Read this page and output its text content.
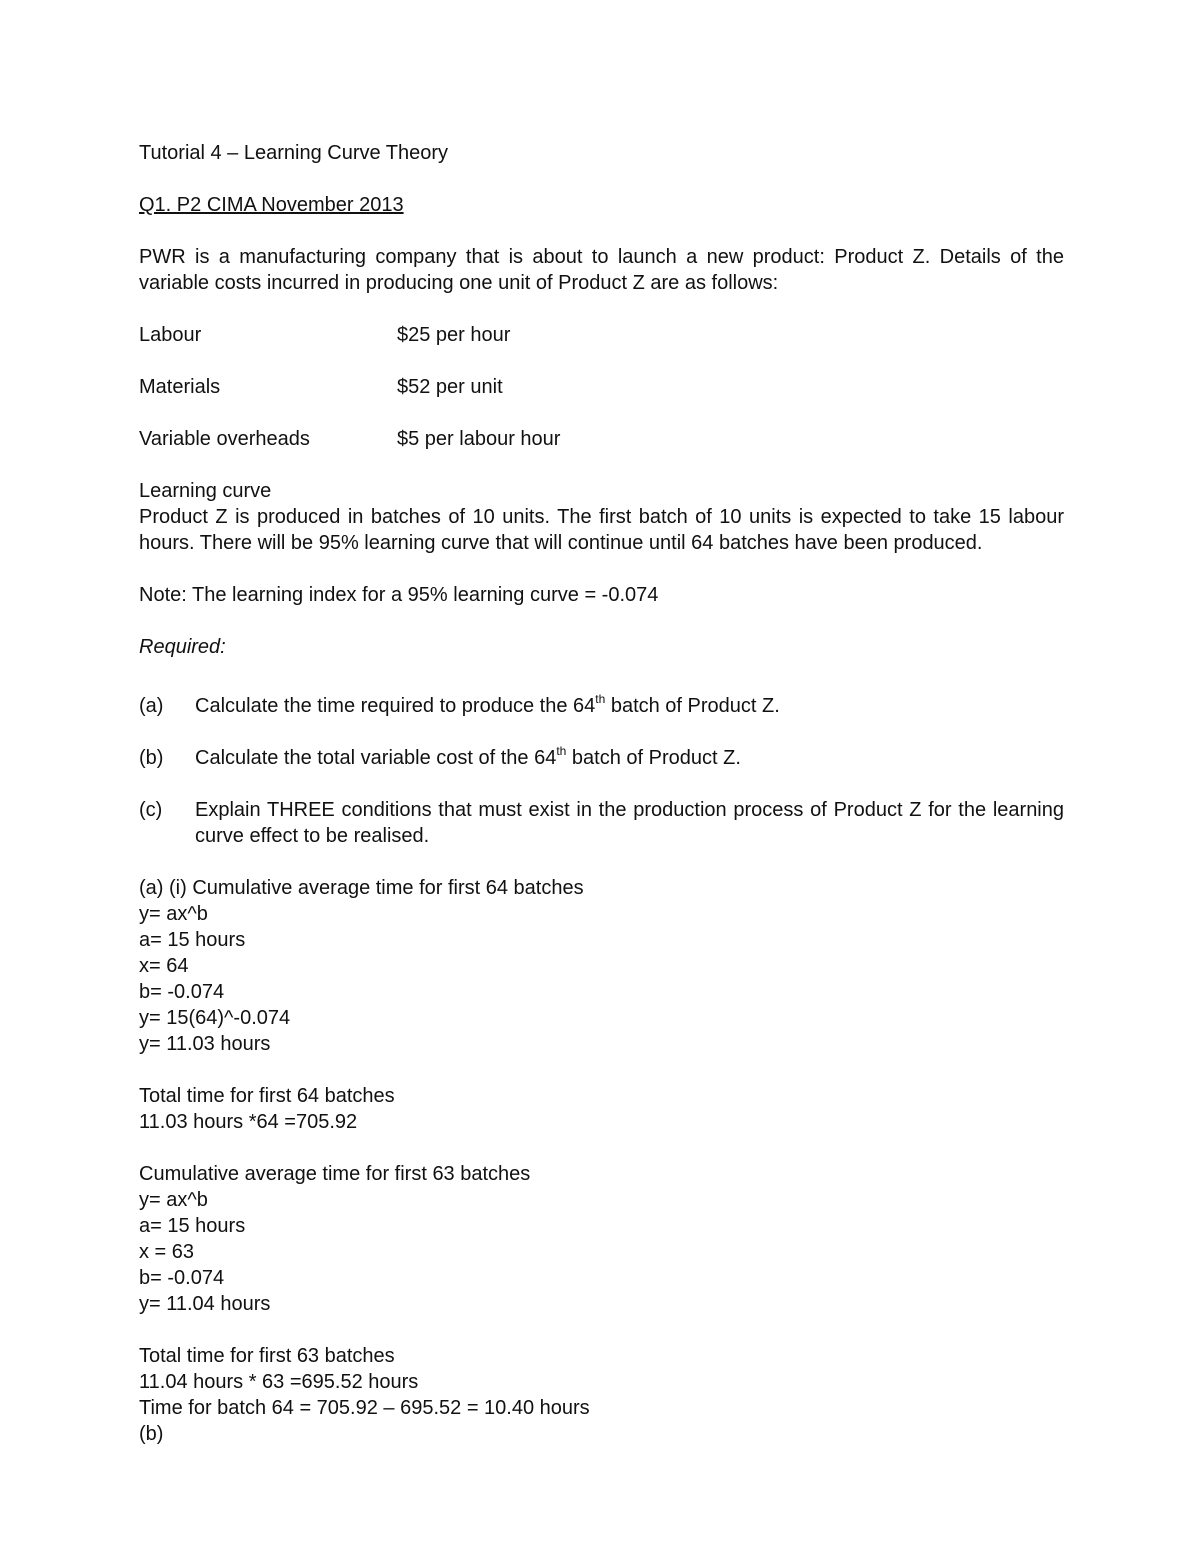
Tutorial 4 – Learning Curve Theory

Q1. P2 CIMA November 2013

PWR is a manufacturing company that is about to launch a new product: Product Z. Details of the variable costs incurred in producing one unit of Product Z are as follows:

Labour	$25 per hour
Materials	$52 per unit
Variable overheads	$5 per labour hour

Learning curve

Product Z is produced in batches of 10 units. The first batch of 10 units is expected to take 15 labour hours. There will be 95% learning curve that will continue until 64 batches have been produced.

Note: The learning index for a 95% learning curve = -0.074

Required:

(a)	Calculate the time required to produce the 64th batch of Product Z.
(b)	Calculate the total variable cost of the 64th batch of Product Z.
(c)	Explain THREE conditions that must exist in the production process of Product Z for the learning curve effect to be realised.

(a) (i) Cumulative average time for first 64 batches

y= ax^b

a= 15 hours

x= 64

b= -0.074

y= 15(64)^-0.074

y= 11.03 hours

Total time for first 64 batches

11.03 hours *64 =705.92

Cumulative average time for first 63 batches

y= ax^b

a= 15 hours

x = 63

b= -0.074

y= 11.04 hours

Total time for first 63 batches

11.04 hours * 63 =695.52 hours

Time for batch 64 = 705.92 – 695.52 = 10.40 hours

(b)
